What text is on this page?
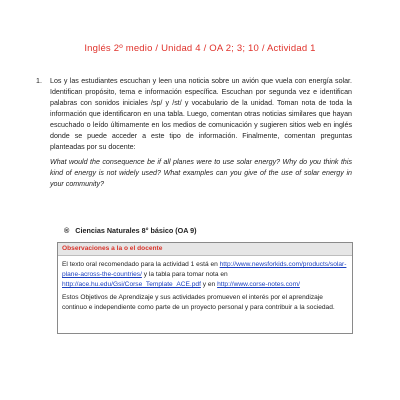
Inglés 2º medio / Unidad 4 / OA 2; 3; 10 / Actividad 1
1. Los y las estudiantes escuchan y leen una noticia sobre un avión que vuela con energía solar. Identifican propósito, tema e información específica. Escuchan por segunda vez e identifican palabras con sonidos iniciales /sp/ y /st/ y vocabulario de la unidad. Toman nota de toda la información que identificaron en una tabla. Luego, comentan otras noticias similares que hayan escuchado o leído últimamente en los medios de comunicación y sugieren sitios web en inglés donde se puede acceder a este tipo de información. Finalmente, comentan preguntas planteadas por su docente:

What would the consequence be if all planes were to use solar energy? Why do you think this kind of energy is not widely used? What examples can you give of the use of solar energy in your community?

® Ciencias Naturales 8° básico (OA 9)
Observaciones a la o el docente

El texto oral recomendado para la actividad 1 está en http://www.newsforkids.com/products/solar-plane-across-the-countries/ y la tabla para tomar nota en http://ace.hu.edu/Gsi/Corse_Template_ACE.pdf y en http://www.corse-notes.com/

Estos Objetivos de Aprendizaje y sus actividades promueven el interés por el aprendizaje continuo e independiente como parte de un proyecto personal y para contribuir a la sociedad.
